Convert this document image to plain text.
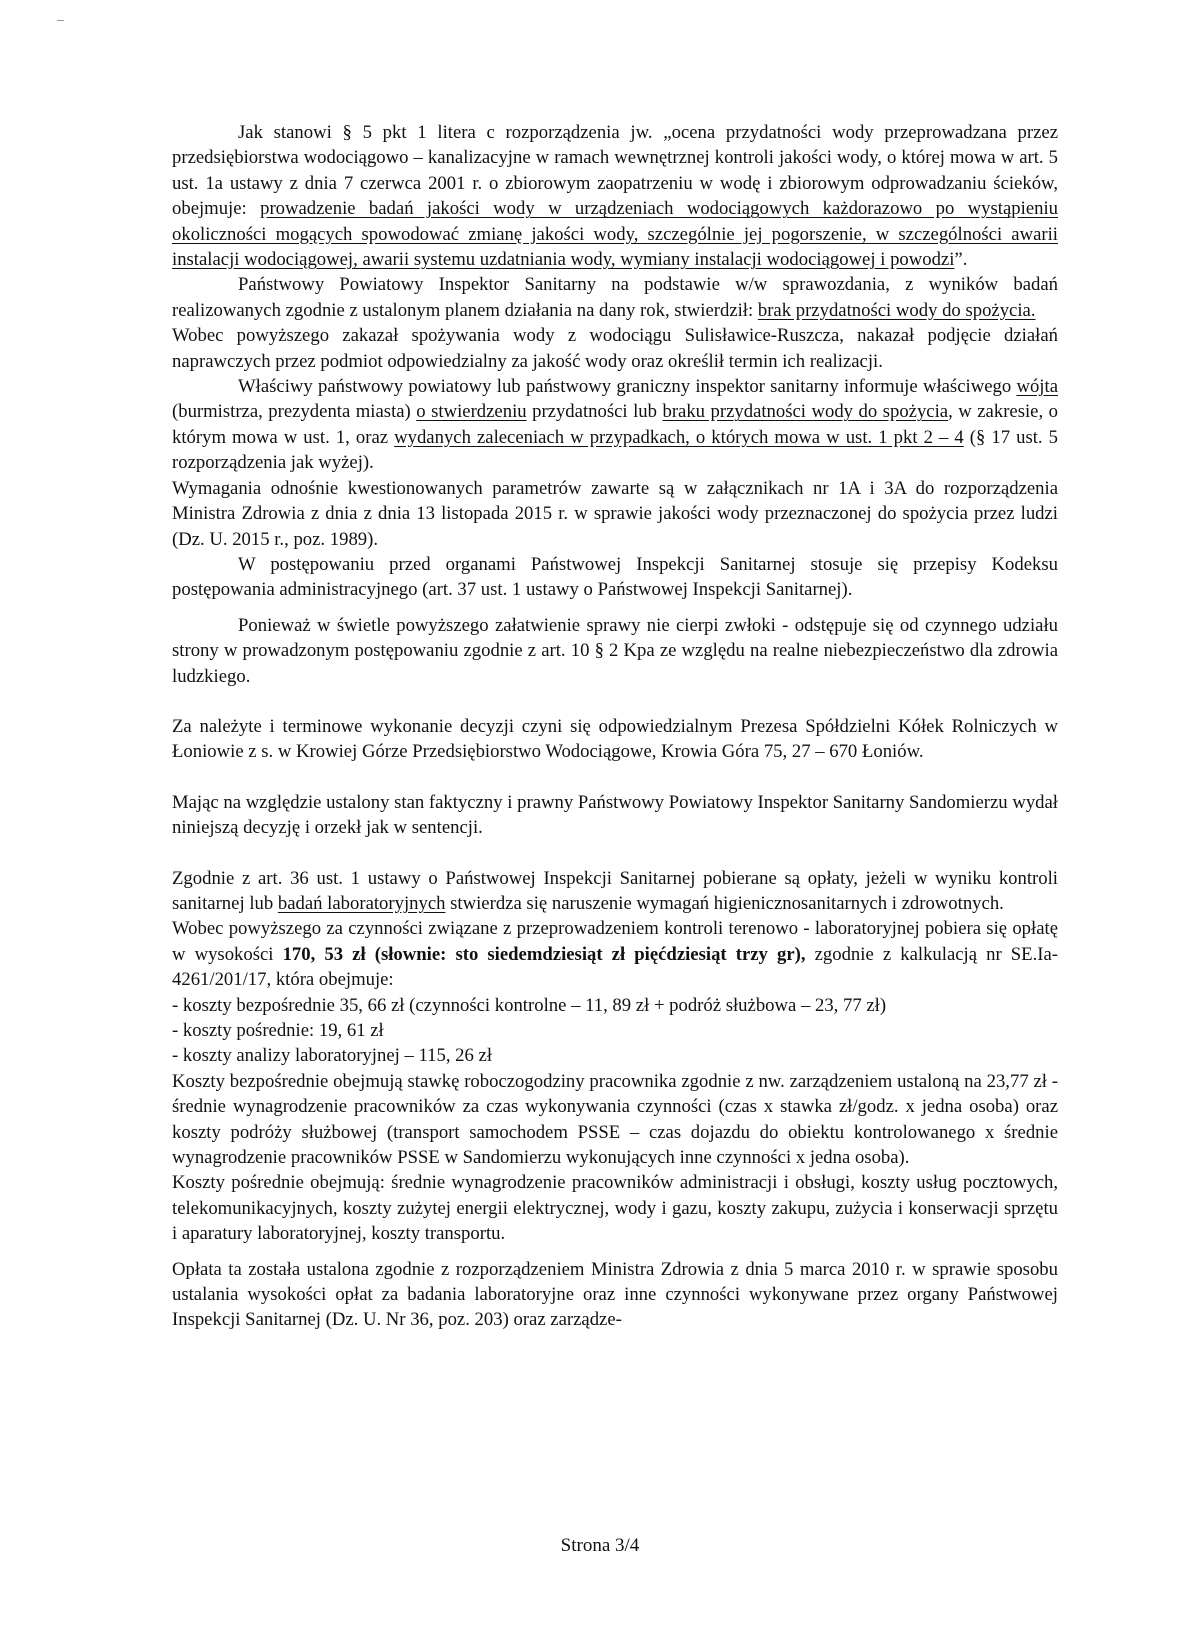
Jak stanowi § 5 pkt 1 litera c rozporządzenia jw. „ocena przydatności wody przeprowadzana przez przedsiębiorstwa wodociągowo – kanalizacyjne w ramach wewnętrznej kontroli jakości wody, o której mowa w art. 5 ust. 1a ustawy z dnia 7 czerwca 2001 r. o zbiorowym zaopatrzeniu w wodę i zbiorowym odprowadzaniu ścieków, obejmuje: prowadzenie badań jakości wody w urządzeniach wodociągowych każdorazowo po wystąpieniu okoliczności mogących spowodować zmianę jakości wody, szczególnie jej pogorszenie, w szczególności awarii instalacji wodociągowej, awarii systemu uzdatniania wody, wymiany instalacji wodociągowej i powodzi”.

Państwowy Powiatowy Inspektor Sanitarny na podstawie w/w sprawozdania, z wyników badań realizowanych zgodnie z ustalonym planem działania na dany rok, stwierdził: brak przydatności wody do spożycia.

Wobec powyższego zakazał spożywania wody z wodociągu Sulisławice-Ruszcza, nakazał podjęcie działań naprawczych przez podmiot odpowiedzialny za jakość wody oraz określił termin ich realizacji.

Właściwy państwowy powiatowy lub państwowy graniczny inspektor sanitarny informuje właściwego wójta (burmistrza, prezydenta miasta) o stwierdzeniu przydatności lub braku przydatności wody do spożycia, w zakresie, o którym mowa w ust. 1, oraz wydanych zaleceniach w przypadkach, o których mowa w ust. 1 pkt 2 – 4 (§ 17 ust. 5 rozporządzenia jak wyżej).

Wymagania odnośnie kwestionowanych parametrów zawarte są w załącznikach nr 1A i 3A do rozporządzenia Ministra Zdrowia z dnia z dnia 13 listopada 2015 r. w sprawie jakości wody przeznaczonej do spożycia przez ludzi (Dz. U. 2015 r., poz. 1989).

W postępowaniu przed organami Państwowej Inspekcji Sanitarnej stosuje się przepisy Kodeksu postępowania administracyjnego (art. 37 ust. 1 ustawy o Państwowej Inspekcji Sanitarnej).

Ponieważ w świetle powyższego załatwienie sprawy nie cierpi zwłoki - odstępuje się od czynnego udziału strony w prowadzonym postępowaniu zgodnie z art. 10 § 2 Kpa ze względu na realne niebezpieczeństwo dla zdrowia ludzkiego.

Za należyte i terminowe wykonanie decyzji czyni się odpowiedzialnym Prezesa Spółdzielni Kółek Rolniczych w Łoniowie z s. w Krowiej Górze Przedsiębiorstwo Wodociągowe, Krowia Góra 75, 27 – 670 Łoniów.

Mając na względzie ustalony stan faktyczny i prawny Państwowy Powiatowy Inspektor Sanitarny Sandomierzu wydał niniejszą decyzję i orzekł jak w sentencji.

Zgodnie z art. 36 ust. 1 ustawy o Państwowej Inspekcji Sanitarnej pobierane są opłaty, jeżeli w wyniku kontroli sanitarnej lub badań laboratoryjnych stwierdza się naruszenie wymagań higienicznosanitarnych i zdrowotnych.

Wobec powyższego za czynności związane z przeprowadzeniem kontroli terenowo - laboratoryjnej pobiera się opłatę w wysokości 170, 53 zł (słownie: sto siedemdziesiąt zł pięćdziesiąt trzy gr), zgodnie z kalkulacją nr SE.Ia-4261/201/17, która obejmuje:

- koszty bezpośrednie 35, 66 zł (czynności kontrolne – 11, 89 zł + podróż służbowa – 23, 77 zł)

- koszty pośrednie: 19, 61 zł

- koszty analizy laboratoryjnej – 115, 26 zł

Koszty bezpośrednie obejmują stawkę roboczogodziny pracownika zgodnie z nw. zarządzeniem ustaloną na 23,77 zł - średnie wynagrodzenie pracowników za czas wykonywania czynności (czas x stawka zł/godz. x jedna osoba) oraz koszty podróży służbowej (transport samochodem PSSE – czas dojazdu do obiektu kontrolowanego x średnie wynagrodzenie pracowników PSSE w Sandomierzu wykonujących inne czynności x jedna osoba).

Koszty pośrednie obejmują: średnie wynagrodzenie pracowników administracji i obsługi, koszty usług pocztowych, telekomunikacyjnych, koszty zużytej energii elektrycznej, wody i gazu, koszty zakupu, zużycia i konserwacji sprzętu i aparatury laboratoryjnej, koszty transportu.

Opłata ta została ustalona zgodnie z rozporządzeniem Ministra Zdrowia z dnia 5 marca 2010 r. w sprawie sposobu ustalania wysokości opłat za badania laboratoryjne oraz inne czynności wykonywane przez organy Państwowej Inspekcji Sanitarnej (Dz. U. Nr 36, poz. 203) oraz zarządze-

Strona 3/4
